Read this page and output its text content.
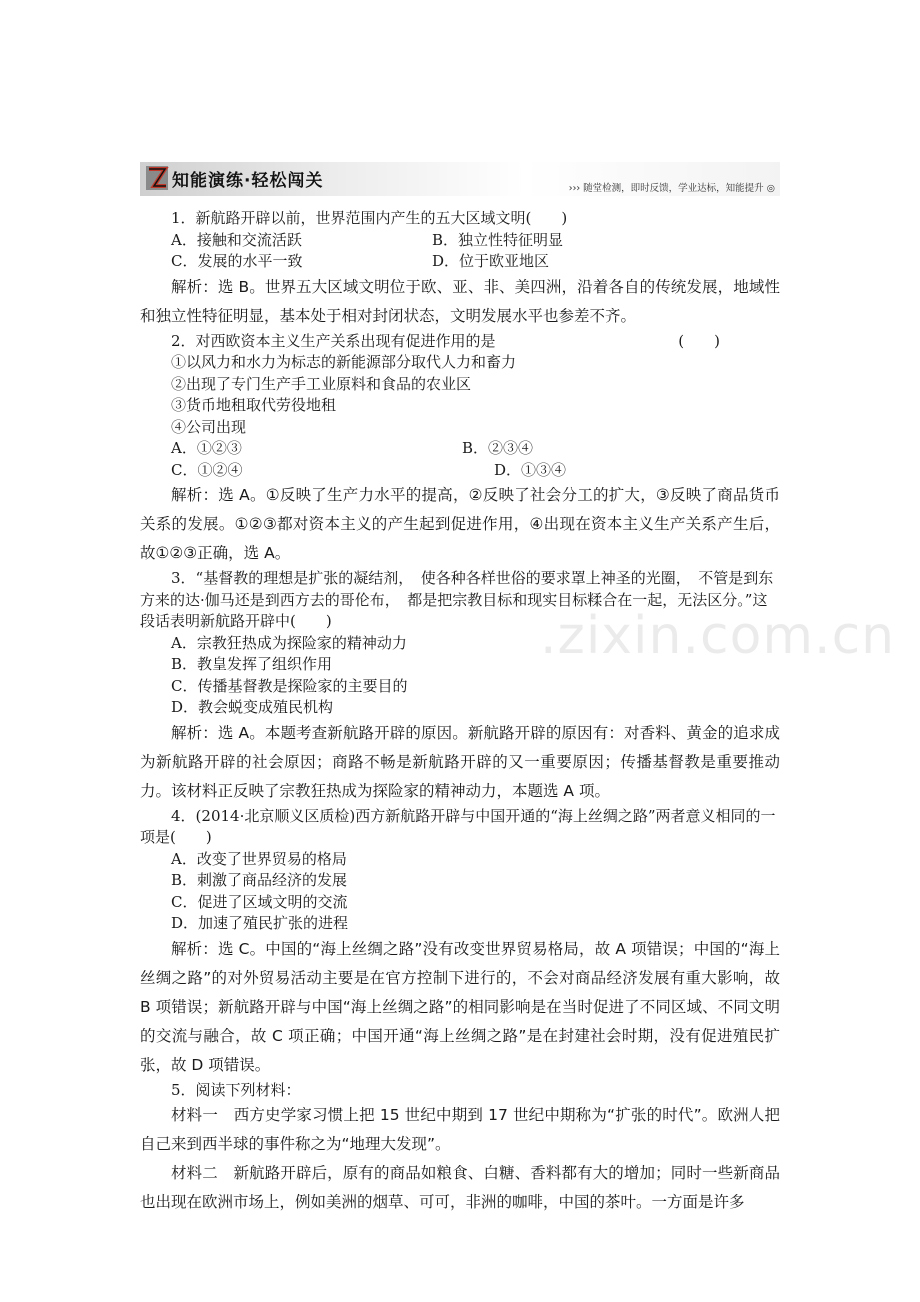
知能演练·轻松闯关	››› 随堂检测，即时反馈，学业达标，知能提升 ◎
.zixin.com.cn

1．新航路开辟以前，世界范围内产生的五大区域文明(　　)

A．接触和交流活跃	B．独立性特征明显
C．发展的水平一致	D．位于欧亚地区

解析：选 B。世界五大区域文明位于欧、亚、非、美四洲，沿着各自的传统发展，地域性和独立性特征明显，基本处于相对封闭状态，文明发展水平也参差不齐。

2．对西欧资本主义生产关系出现有促进作用的是	(　　)
①以风力和水力为标志的新能源部分取代人力和畜力
②出现了专门生产手工业原料和食品的农业区
③货币地租取代劳役地租
④公司出现
A．①②③	B．②③④
C．①②④	D．①③④

解析：选 A。①反映了生产力水平的提高，②反映了社会分工的扩大，③反映了商品货币关系的发展。①②③都对资本主义的产生起到促进作用，④出现在资本主义生产关系产生后，故①②③正确，选 A。

3．“基督教的理想是扩张的凝结剂，　使各种各样世俗的要求罩上神圣的光圈，　不管是到东方来的达·伽马还是到西方去的哥伦布，　都是把宗教目标和现实目标糅合在一起，无法区分。”这段话表明新航路开辟中(　　)

A．宗教狂热成为探险家的精神动力
B．教皇发挥了组织作用
C．传播基督教是探险家的主要目的
D．教会蜕变成殖民机构

解析：选 A。本题考查新航路开辟的原因。新航路开辟的原因有：对香料、黄金的追求成为新航路开辟的社会原因；商路不畅是新航路开辟的又一重要原因；传播基督教是重要推动力。该材料正反映了宗教狂热成为探险家的精神动力，本题选 A 项。

4．(2014·北京顺义区质检)西方新航路开辟与中国开通的“海上丝绸之路”两者意义相同的一项是(　　)

A．改变了世界贸易的格局
B．刺激了商品经济的发展
C．促进了区域文明的交流
D．加速了殖民扩张的进程

解析：选 C。中国的“海上丝绸之路”没有改变世界贸易格局，故 A 项错误；中国的“海上丝绸之路”的对外贸易活动主要是在官方控制下进行的，不会对商品经济发展有重大影响，故 B 项错误；新航路开辟与中国“海上丝绸之路”的相同影响是在当时促进了不同区域、不同文明的交流与融合，故 C 项正确；中国开通“海上丝绸之路”是在封建社会时期，没有促进殖民扩张，故 D 项错误。

5．阅读下列材料：

材料一　西方史学家习惯上把 15 世纪中期到 17 世纪中期称为“扩张的时代”。欧洲人把自己来到西半球的事件称之为“地理大发现”。

材料二　新航路开辟后，原有的商品如粮食、白糖、香料都有大的增加；同时一些新商品也出现在欧洲市场上，例如美洲的烟草、可可，非洲的咖啡，中国的茶叶。一方面是许多
